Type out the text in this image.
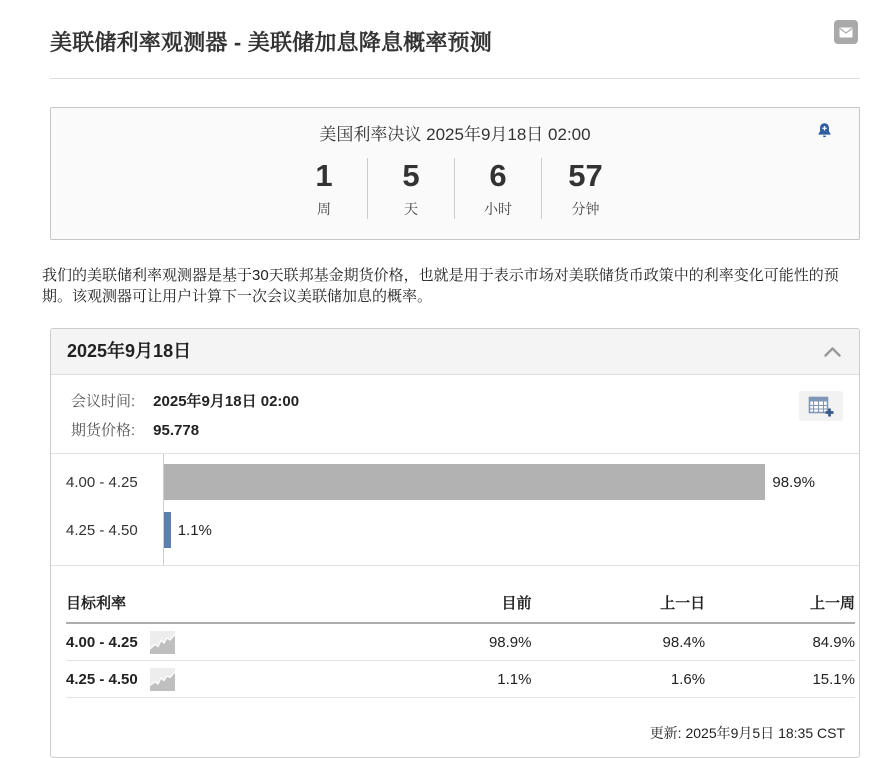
美联储利率观测器 - 美联储加息降息概率预测
美国利率决议 2025年9月18日 02:00
1
周
5
天
6
小时
57
分钟

我们的美联储利率观测器是基于30天联邦基金期货价格，也就是用于表示市场对美联储货币政策中的利率变化可能性的预期。该观测器可让用户计算下一次会议美联储加息的概率。

2025年9月18日
会议时间: 2025年9月18日 02:00
期货价格: 95.778
4.00 - 4.25	98.9%
4.25 - 4.50	1.1%
目标利率	目前	上一日	上一周
4.00 - 4.25	98.9%	98.4%	84.9%
4.25 - 4.50	1.1%	1.6%	15.1%
更新: 2025年9月5日 18:35 CST
